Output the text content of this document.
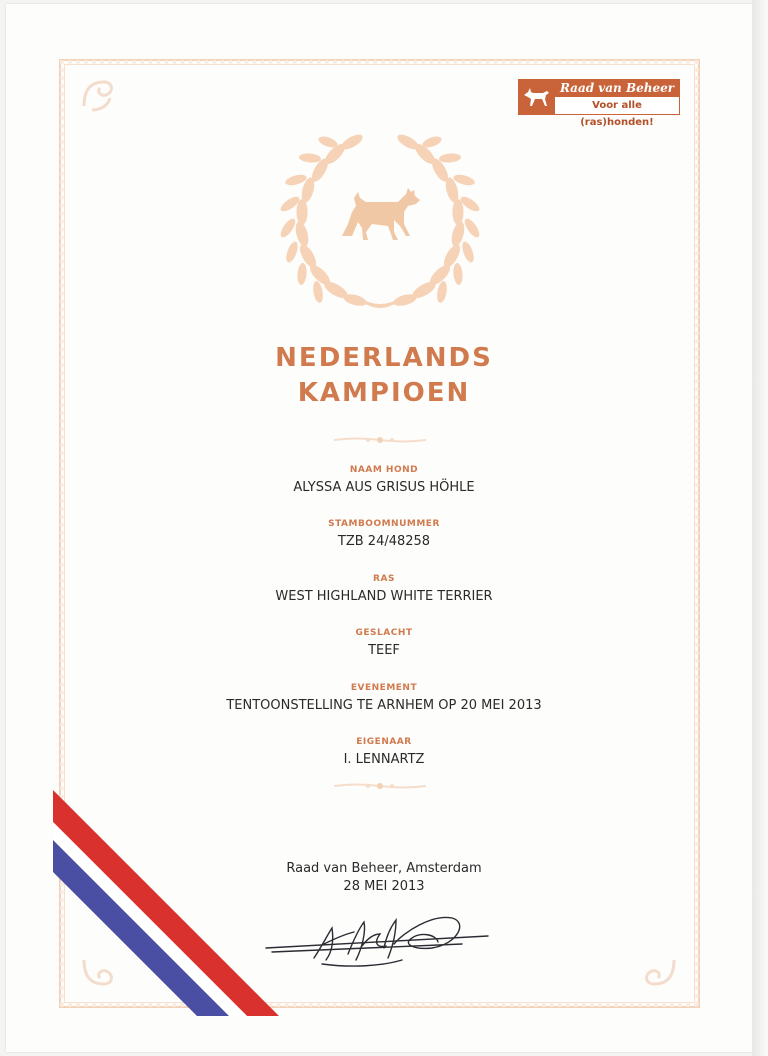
Raad van Beheer
Voor alle (ras)honden!
NEDERLANDS
KAMPIOEN
NAAM HOND
ALYSSA AUS GRISUS HÖHLE
STAMBOOMNUMMER
TZB 24/48258
RAS
WEST HIGHLAND WHITE TERRIER
GESLACHT
TEEF
EVENEMENT
TENTOONSTELLING TE ARNHEM OP 20 MEI 2013
EIGENAAR
I. LENNARTZ
Raad van Beheer, Amsterdam
28 MEI 2013
